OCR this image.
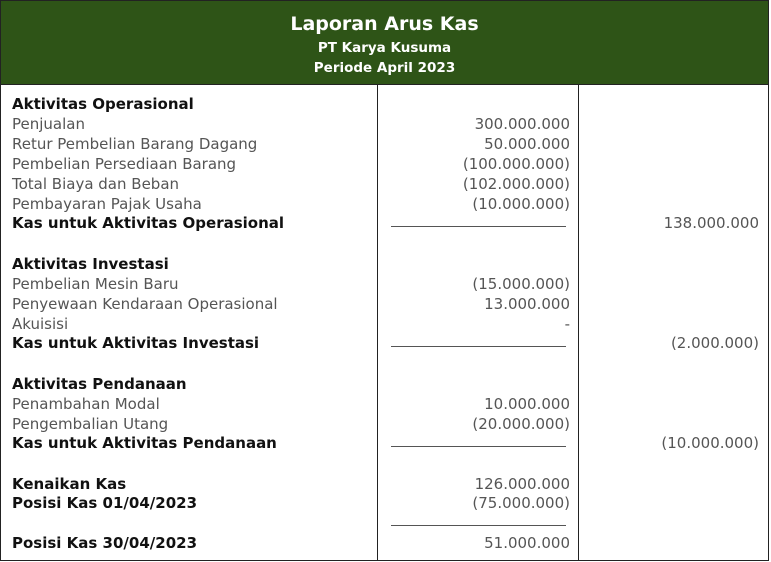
Laporan Arus Kas
PT Karya Kusuma
Periode April 2023
Aktivitas Operasional
Penjualan	300.000.000
Retur Pembelian Barang Dagang	50.000.000
Pembelian Persediaan Barang	(100.000.000)
Total Biaya dan Beban	(102.000.000)
Pembayaran Pajak Usaha	(10.000.000)
Kas untuk Aktivitas Operasional	138.000.000
Aktivitas Investasi
Pembelian Mesin Baru	(15.000.000)
Penyewaan Kendaraan Operasional	13.000.000
Akuisisi	-
Kas untuk Aktivitas Investasi	(2.000.000)
Aktivitas Pendanaan
Penambahan Modal	10.000.000
Pengembalian Utang	(20.000.000)
Kas untuk Aktivitas Pendanaan	(10.000.000)
Kenaikan Kas	126.000.000
Posisi Kas 01/04/2023	(75.000.000)
Posisi Kas 30/04/2023	51.000.000
